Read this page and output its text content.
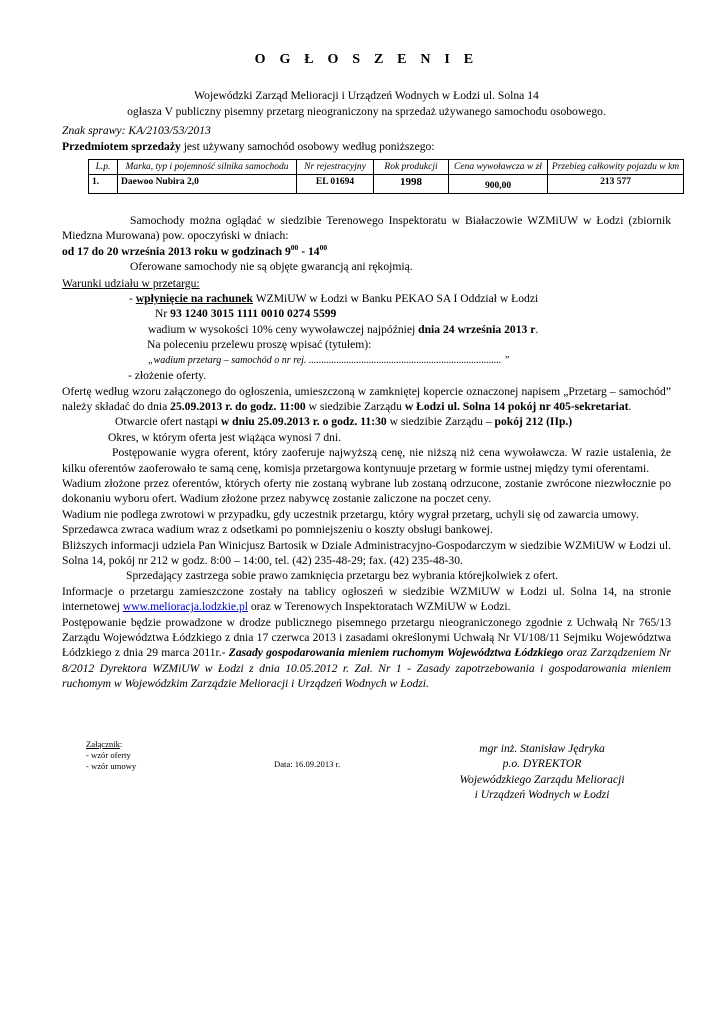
O G Ł O S Z E N I E

Wojewódzki Zarząd Melioracji i Urządzeń Wodnych w Łodzi ul. Solna 14

ogłasza V publiczny pisemny przetarg nieograniczony na sprzedaż używanego samochodu osobowego.

Znak sprawy: KA/2103/53/2013

Przedmiotem sprzedaży jest używany samochód osobowy według poniższego:

L.p.	Marka, typ i pojemność silnika samochodu	Nr rejestracyjny	Rok produkcji	Cena wywoławcza w zł	Przebieg całkowity pojazdu w km
1.	Daewoo Nubira 2,0	EL 01694	1998	900,00	213 577

Samochody można oglądać w siedzibie Terenowego Inspektoratu w Białaczowie WZMiUW w Łodzi (zbiornik Miedzna Murowana) pow. opoczyński w dniach:

od 17 do 20 września 2013 roku w godzinach $9^{00} - 14^{00}$

Oferowane samochody nie są objęte gwarancją ani rękojmią.

Warunki udziału w przetargu:

- wpłynięcie na rachunek WZMiUW w Łodzi w Banku PEKAO SA I Oddział w Łodzi

Nr 93 1240 3015 1111 0010 0274 5599

wadium w wysokości 10% ceny wywoławczej najpóźniej dnia 24 września 2013 r.

Na poleceniu przelewu proszę wpisać (tytułem):

„wadium przetarg – samochód o nr rej. ............................................................................. ”

- złożenie oferty.

Ofertę według wzoru załączonego do ogłoszenia, umieszczoną w zamkniętej kopercie oznaczonej napisem „Przetarg – samochód” należy składać do dnia 25.09.2013 r. do godz. 11:00 w siedzibie Zarządu w Łodzi ul. Solna 14 pokój nr 405-sekretariat.

Otwarcie ofert nastąpi w dniu 25.09.2013 r. o godz. 11:30 w siedzibie Zarządu – pokój 212 (IIp.)

Okres, w którym oferta jest wiążąca wynosi 7 dni.

Postępowanie wygra oferent, który zaoferuje najwyższą cenę, nie niższą niż cena wywoławcza. W razie ustalenia, że kilku oferentów zaoferowało te samą cenę, komisja przetargowa kontynuuje przetarg w formie ustnej między tymi oferentami.

Wadium złożone przez oferentów, których oferty nie zostaną wybrane lub zostaną odrzucone, zostanie zwrócone niezwłocznie po dokonaniu wyboru ofert. Wadium złożone przez nabywcę zostanie zaliczone na poczet ceny.

Wadium nie podlega zwrotowi w przypadku, gdy uczestnik przetargu, który wygrał przetarg, uchyli się od zawarcia umowy.

Sprzedawca zwraca wadium wraz z odsetkami po pomniejszeniu o koszty obsługi bankowej.

Bliższych informacji udziela Pan Winicjusz Bartosik w Dziale Administracyjno-Gospodarczym w siedzibie WZMiUW w Łodzi ul. Solna 14, pokój nr 212 w godz. 8:00 – 14:00, tel. (42) 235-48-29; fax. (42) 235-48-30.

Sprzedający zastrzega sobie prawo zamknięcia przetargu bez wybrania którejkolwiek z ofert.

Informacje o przetargu zamieszczone zostały na tablicy ogłoszeń w siedzibie WZMiUW w Łodzi ul. Solna 14, na stronie internetowej www.melioracja.lodzkie.pl oraz w Terenowych Inspektoratach WZMiUW w Łodzi.

Postępowanie będzie prowadzone w drodze publicznego pisemnego przetargu nieograniczonego zgodnie z Uchwałą Nr 765/13 Zarządu Województwa Łódzkiego z dnia 17 czerwca 2013 i zasadami określonymi Uchwałą Nr VI/108/11 Sejmiku Województwa Łódzkiego z dnia 29 marca 2011r.- Zasady gospodarowania mieniem ruchomym Województwa Łódzkiego oraz Zarządzeniem Nr 8/2012 Dyrektora WZMiUW w Łodzi z dnia 10.05.2012 r. Zał. Nr 1 - Zasady zapotrzebowania i gospodarowania mieniem ruchomym w Wojewódzkim Zarządzie Melioracji i Urządzeń Wodnych w Łodzi.

Załącznik:
- wzór oferty
- wzór umowy	Data: 16.09.2013 r.
mgr inż. Stanisław Jędryka
p.o. DYREKTOR
Wojewódzkiego Zarządu Melioracji
i Urządzeń Wodnych w Łodzi
